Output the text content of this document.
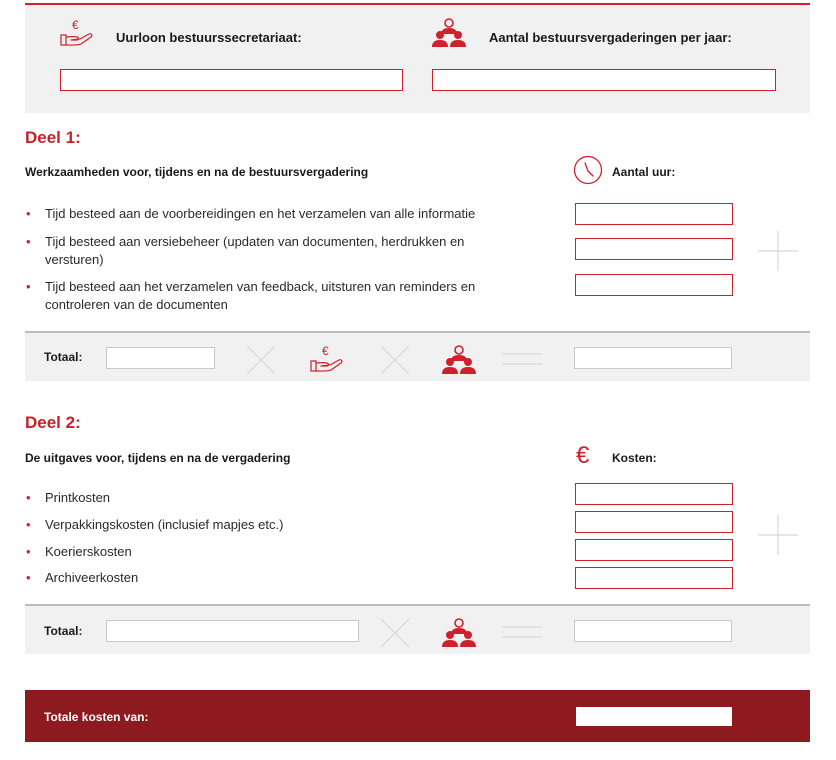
€
Uurloon bestuurssecretariaat:	Aantal bestuursvergaderingen per jaar:
Deel 1:
Werkzaamheden voor, tijdens en na de bestuursvergadering	Aantal uur:
• Tijd besteed aan de voorbereidingen en het verzamelen van alle informatie
• Tijd besteed aan versiebeheer (updaten van documenten, herdrukken en
versturen)
• Tijd besteed aan het verzamelen van feedback, uitsturen van reminders en
controleren van de documenten
Totaal:	€
Deel 2:
De uitgaves voor, tijdens en na de vergadering	€ Kosten:
• Printkosten
• Verpakkingskosten (inclusief mapjes etc.)
• Koerierskosten
• Archiveerkosten
Totaal:
Totale kosten van:
